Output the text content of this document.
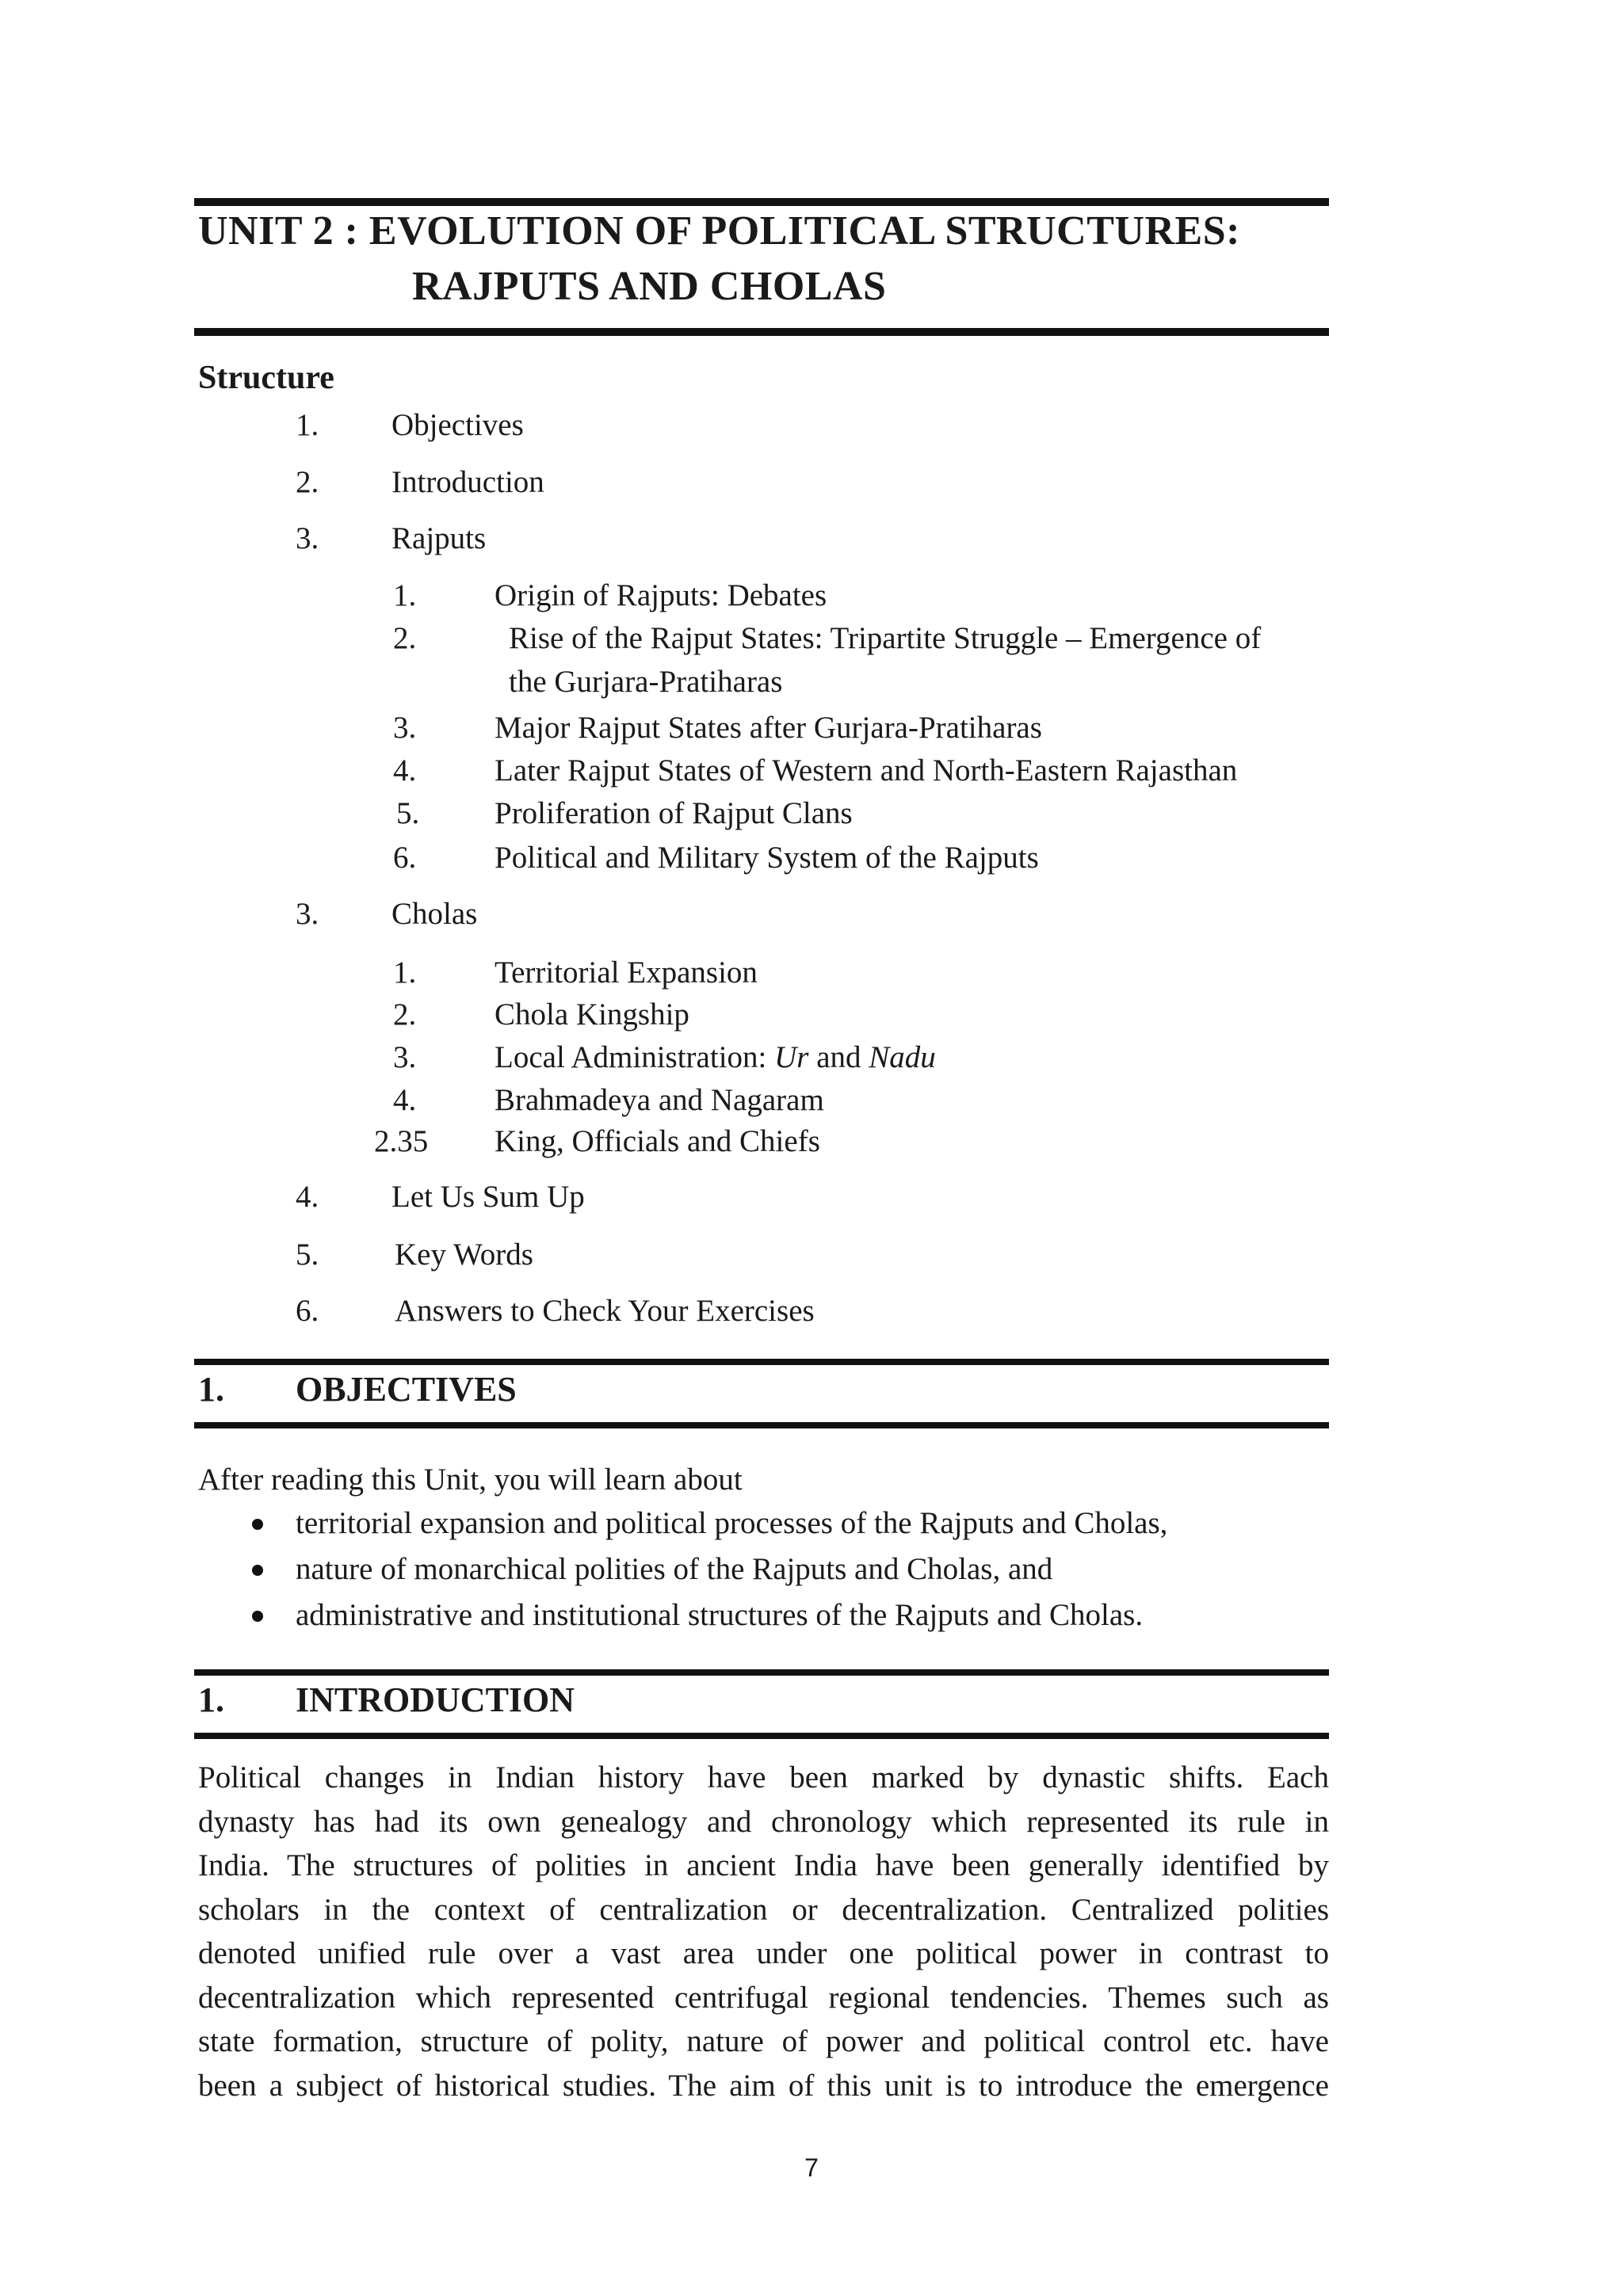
UNIT 2 : EVOLUTION OF POLITICAL STRUCTURES:
RAJPUTS AND CHOLAS
Structure
1. Objectives
2. Introduction
3. Rajputs
1.	Origin of Rajputs: Debates
2.	Rise of the Rajput States: Tripartite Struggle – Emergence of
the Gurjara-Pratiharas
3.	Major Rajput States after Gurjara-Pratiharas
4.	Later Rajput States of Western and North-Eastern Rajasthan
5. Proliferation of Rajput Clans
6.	Political and Military System of the Rajputs
3. Cholas
1.	Territorial Expansion
2.	Chola Kingship
3.	Local Administration: Ur and Nadu
4.	Brahmadeya and Nagaram
2.35 King, Officials and Chiefs
4. Let Us Sum Up
5. Key Words
6. Answers to Check Your Exercises
1. OBJECTIVES
After reading this Unit, you will learn about
territorial expansion and political processes of the Rajputs and Cholas,
nature of monarchical polities of the Rajputs and Cholas, and
administrative and institutional structures of the Rajputs and Cholas.
1. INTRODUCTION
Political changes in Indian history have been marked by dynastic shifts. Each
dynasty has had its own genealogy and chronology which represented its rule in
India. The structures of polities in ancient India have been generally identified by
scholars in the context of centralization or decentralization. Centralized polities
denoted unified rule over a vast area under one political power in contrast to
decentralization which represented centrifugal regional tendencies. Themes such as
state formation, structure of polity, nature of power and political control etc. have
been a subject of historical studies. The aim of this unit is to introduce the emergence
7
